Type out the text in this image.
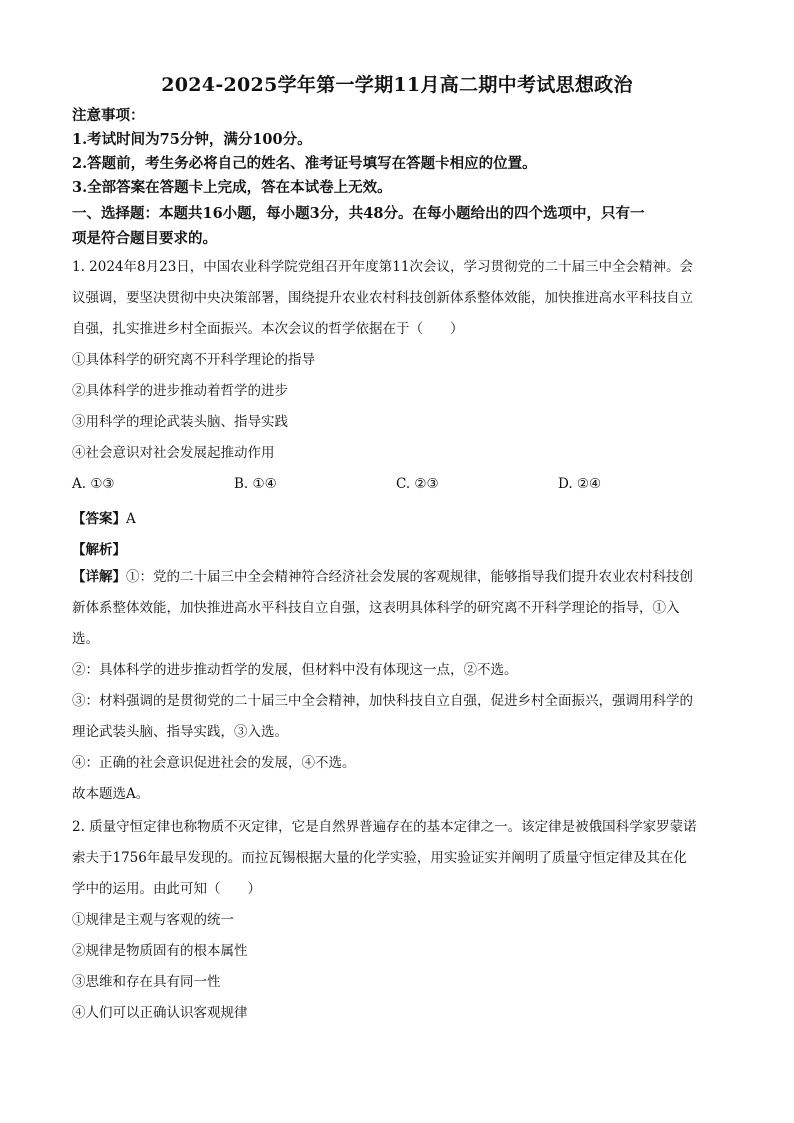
2024-2025学年第一学期11月高二期中考试思想政治
注意事项：
1.考试时间为75分钟，满分100分。
2.答题前，考生务必将自己的姓名、准考证号填写在答题卡相应的位置。
3.全部答案在答题卡上完成，答在本试卷上无效。
一、选择题：本题共16小题，每小题3分，共48分。在每小题给出的四个选项中，只有一
项是符合题目要求的。
1. 2024年8月23日，中国农业科学院党组召开年度第11次会议，学习贯彻党的二十届三中全会精神。会
议强调，要坚决贯彻中央决策部署，围绕提升农业农村科技创新体系整体效能，加快推进高水平科技自立
自强，扎实推进乡村全面振兴。本次会议的哲学依据在于（　　）
①具体科学的研究离不开科学理论的指导
②具体科学的进步推动着哲学的进步
③用科学的理论武装头脑、指导实践
④社会意识对社会发展起推动作用
A. ①③	B. ①④	C. ②③	D. ②④
【答案】A
【解析】
【详解】①：党的二十届三中全会精神符合经济社会发展的客观规律，能够指导我们提升农业农村科技创
新体系整体效能，加快推进高水平科技自立自强，这表明具体科学的研究离不开科学理论的指导，①入
选。
②：具体科学的进步推动哲学的发展，但材料中没有体现这一点，②不选。
③：材料强调的是贯彻党的二十届三中全会精神，加快科技自立自强，促进乡村全面振兴，强调用科学的
理论武装头脑、指导实践，③入选。
④：正确的社会意识促进社会的发展，④不选。
故本题选A。
2. 质量守恒定律也称物质不灭定律，它是自然界普遍存在的基本定律之一。该定律是被俄国科学家罗蒙诺
索夫于1756年最早发现的。而拉瓦锡根据大量的化学实验，用实验证实并阐明了质量守恒定律及其在化
学中的运用。由此可知（　　）
①规律是主观与客观的统一
②规律是物质固有的根本属性
③思维和存在具有同一性
④人们可以正确认识客观规律
